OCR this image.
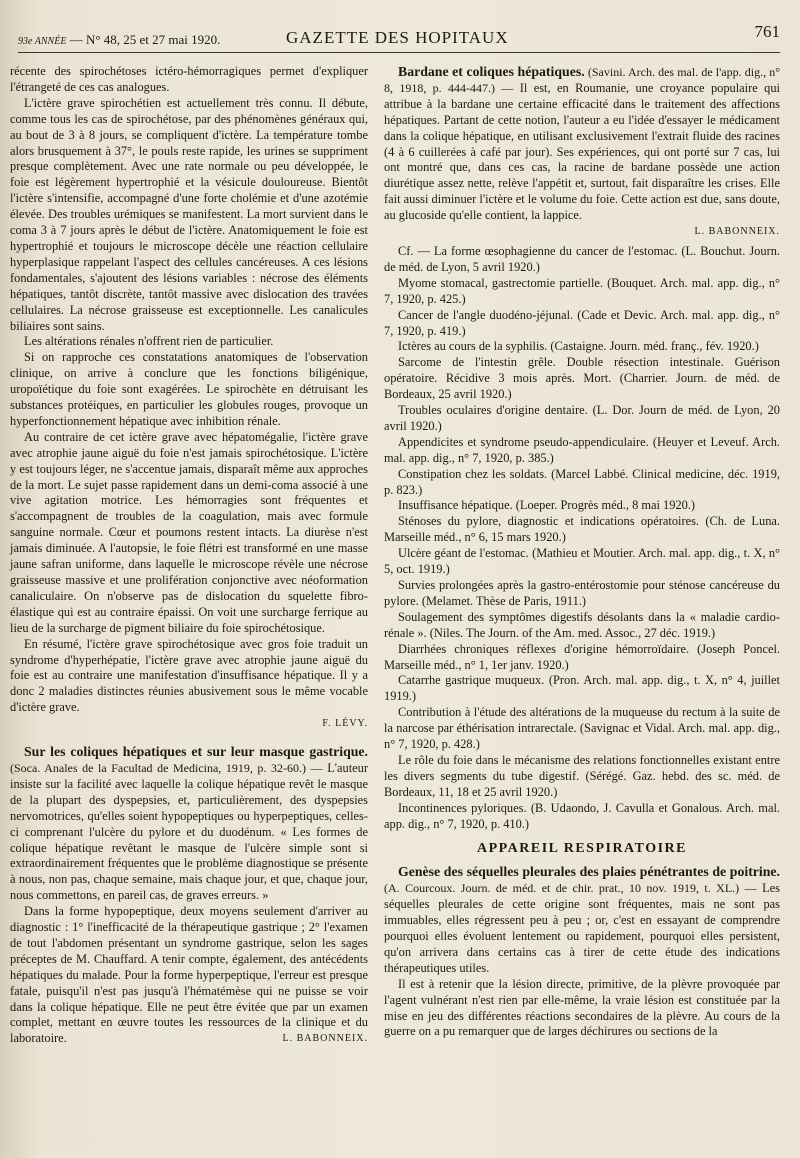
93e ANNÉE — N° 48, 25 et 27 mai 1920.	GAZETTE DES HOPITAUX	761

récente des spirochétoses ictéro-hémorragiques permet d'expliquer l'étrangeté de ces cas analogues.

L'ictère grave spirochétien est actuellement très connu. Il débute, comme tous les cas de spirochétose, par des phénomènes généraux qui, au bout de 3 à 8 jours, se compliquent d'ictère. La température tombe alors brusquement à 37°, le pouls reste rapide, les urines se suppriment presque complètement. Avec une rate normale ou peu développée, le foie est légèrement hypertrophié et la vésicule douloureuse. Bientôt l'ictère s'intensifie, accompagné d'une forte cholémie et d'une azotémie élevée. Des troubles urémiques se manifestent. La mort survient dans le coma 3 à 7 jours après le début de l'ictère. Anatomiquement le foie est hypertrophié et toujours le microscope décèle une réaction cellulaire hyperplasique rappelant l'aspect des cellules cancéreuses. A ces lésions fondamentales, s'ajoutent des lésions variables : nécrose des éléments hépatiques, tantôt discrète, tantôt massive avec dislocation des travées cellulaires. La nécrose graisseuse est exceptionnelle. Les canalicules biliaires sont sains.

Les altérations rénales n'offrent rien de particulier.

Si on rapproche ces constatations anatomiques de l'observation clinique, on arrive à conclure que les fonctions biligénique, uropoïétique du foie sont exagérées. Le spirochète en détruisant les substances protéiques, en particulier les globules rouges, provoque un hyperfonctionnement hépatique avec inhibition rénale.

Au contraire de cet ictère grave avec hépatomégalie, l'ictère grave avec atrophie jaune aiguë du foie n'est jamais spirochétosique. L'ictère y est toujours léger, ne s'accentue jamais, disparaît même aux approches de la mort. Le sujet passe rapidement dans un demi-coma associé à une vive agitation motrice. Les hémorragies sont fréquentes et s'accompagnent de troubles de la coagulation, mais avec formule sanguine normale. Cœur et poumons restent intacts. La diurèse n'est jamais diminuée. A l'autopsie, le foie flétri est transformé en une masse jaune safran uniforme, dans laquelle le microscope révèle une nécrose graisseuse massive et une prolifération conjonctive avec néoformation canaliculaire. On n'observe pas de dislocation du squelette fibro-élastique qui est au contraire épaissi. On voit une surcharge ferrique au lieu de la surcharge de pigment biliaire du foie spirochétosique.

En résumé, l'ictère grave spirochétosique avec gros foie traduit un syndrome d'hyperhépatie, l'ictère grave avec atrophie jaune aiguë du foie est au contraire une manifestation d'insuffisance hépatique. Il y a donc 2 maladies distinctes réunies abusivement sous le même vocable d'ictère grave.

F. LÉVY.

Sur les coliques hépatiques et sur leur masque gastrique. (Soca. Anales de la Facultad de Medicina, 1919, p. 32-60.) — L'auteur insiste sur la facilité avec laquelle la colique hépatique revêt le masque de la plupart des dyspepsies, et, particulièrement, des dyspepsies nervomotrices, qu'elles soient hypopeptiques ou hyperpeptiques, celles-ci comprenant l'ulcère du pylore et du duodénum. « Les formes de colique hépatique revêtant le masque de l'ulcère simple sont si extraordinairement fréquentes que le problème diagnostique se présente à nous, non pas, chaque semaine, mais chaque jour, et que, chaque jour, nous commettons, en pareil cas, de graves erreurs. »

Dans la forme hypopeptique, deux moyens seulement d'arriver au diagnostic : 1° l'inefficacité de la thérapeutique gastrique ; 2° l'examen de tout l'abdomen présentant un syndrome gastrique, selon les sages préceptes de M. Chauffard. A tenir compte, également, des antécédents hépatiques du malade. Pour la forme hyperpeptique, l'erreur est presque fatale, puisqu'il n'est pas jusqu'à l'hématémèse qui ne puisse se voir dans la colique hépatique. Elle ne peut être évitée que par un examen complet, mettant en œuvre toutes les ressources de la clinique et du laboratoire.	L. BABONNEIX.

Bardane et coliques hépatiques. (Savini. Arch. des mal. de l'app. dig., n° 8, 1918, p. 444-447.) — Il est, en Roumanie, une croyance populaire qui attribue à la bardane une certaine efficacité dans le traitement des affections hépatiques. Partant de cette notion, l'auteur a eu l'idée d'essayer le médicament dans la colique hépatique, en utilisant exclusivement l'extrait fluide des racines (4 à 6 cuillerées à café par jour). Ses expériences, qui ont porté sur 7 cas, lui ont montré que, dans ces cas, la racine de bardane possède une action diurétique assez nette, relève l'appétit et, surtout, fait disparaître les crises. Elle fait aussi diminuer l'ictère et le volume du foie. Cette action est due, sans doute, au glucoside qu'elle contient, la lappice.

L. BABONNEIX.

Cf. — La forme œsophagienne du cancer de l'estomac. (L. Bouchut. Journ. de méd. de Lyon, 5 avril 1920.)

Myome stomacal, gastrectomie partielle. (Bouquet. Arch. mal. app. dig., n° 7, 1920, p. 425.)

Cancer de l'angle duodéno-jéjunal. (Cade et Devic. Arch. mal. app. dig., n° 7, 1920, p. 419.)

Ictères au cours de la syphilis. (Castaigne. Journ. méd. franç., fév. 1920.)

Sarcome de l'intestin grêle. Double résection intestinale. Guérison opératoire. Récidive 3 mois après. Mort. (Charrier. Journ. de méd. de Bordeaux, 25 avril 1920.)

Troubles oculaires d'origine dentaire. (L. Dor. Journ de méd. de Lyon, 20 avril 1920.)

Appendicites et syndrome pseudo-appendiculaire. (Heuyer et Leveuf. Arch. mal. app. dig., n° 7, 1920, p. 385.)

Constipation chez les soldats. (Marcel Labbé. Clinical medicine, déc. 1919, p. 823.)

Insuffisance hépatique. (Loeper. Progrès méd., 8 mai 1920.)

Sténoses du pylore, diagnostic et indications opératoires. (Ch. de Luna. Marseille méd., n° 6, 15 mars 1920.)

Ulcère géant de l'estomac. (Mathieu et Moutier. Arch. mal. app. dig., t. X, n° 5, oct. 1919.)

Survies prolongées après la gastro-entérostomie pour sténose cancéreuse du pylore. (Melamet. Thèse de Paris, 1911.)

Soulagement des symptômes digestifs désolants dans la « maladie cardio-rénale ». (Niles. The Journ. of the Am. med. Assoc., 27 déc. 1919.)

Diarrhées chroniques réflexes d'origine hémorroïdaire. (Joseph Poncel. Marseille méd., n° 1, 1er janv. 1920.)

Catarrhe gastrique muqueux. (Pron. Arch. mal. app. dig., t. X, n° 4, juillet 1919.)

Contribution à l'étude des altérations de la muqueuse du rectum à la suite de la narcose par éthérisation intrarectale. (Savignac et Vidal. Arch. mal. app. dig., n° 7, 1920, p. 428.)

Le rôle du foie dans le mécanisme des relations fonctionnelles existant entre les divers segments du tube digestif. (Sérégé. Gaz. hebd. des sc. méd. de Bordeaux, 11, 18 et 25 avril 1920.)

Incontinences pyloriques. (B. Udaondo, J. Cavulla et Gonalous. Arch. mal. app. dig., n° 7, 1920, p. 410.)

APPAREIL RESPIRATOIRE

Genèse des séquelles pleurales des plaies pénétrantes de poitrine. (A. Courcoux. Journ. de méd. et de chir. prat., 10 nov. 1919, t. XL.) — Les séquelles pleurales de cette origine sont fréquentes, mais ne sont pas immuables, elles régressent peu à peu ; or, c'est en essayant de comprendre pourquoi elles évoluent lentement ou rapidement, pourquoi elles persistent, qu'on arrivera dans certains cas à tirer de cette étude des indications thérapeutiques utiles.

Il est à retenir que la lésion directe, primitive, de la plèvre provoquée par l'agent vulnérant n'est rien par elle-même, la vraie lésion est constituée par la mise en jeu des différentes réactions secondaires de la plèvre. Au cours de la guerre on a pu remarquer que de larges déchirures ou sections de la
